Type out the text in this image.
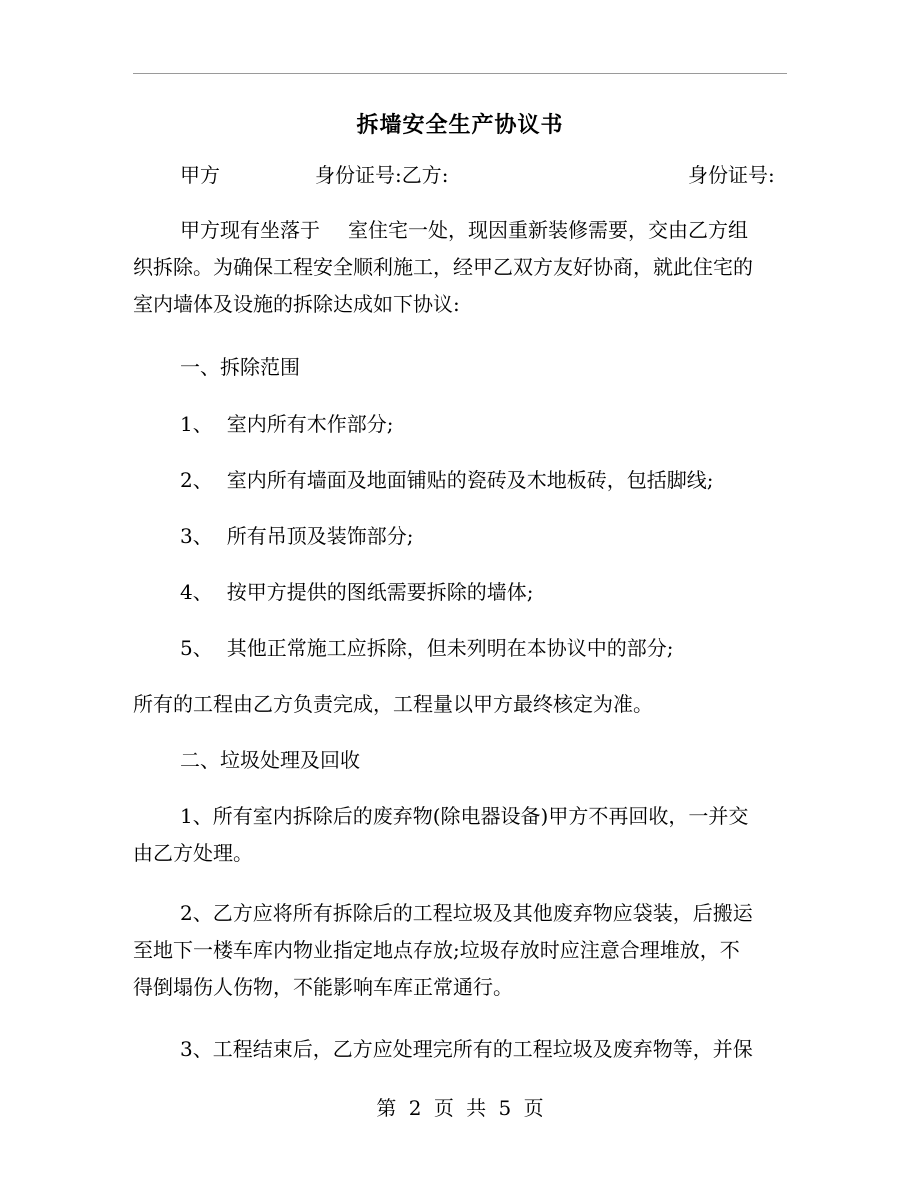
拆墙安全生产协议书
甲方	身份证号:乙方:	身份证号:
甲方现有坐落于 室住宅一处，现因重新装修需要，交由乙方组
织拆除。为确保工程安全顺利施工，经甲乙双方友好协商，就此住宅的
室内墙体及设施的拆除达成如下协议:
一、拆除范围
1、 室内所有木作部分;
2、 室内所有墙面及地面铺贴的瓷砖及木地板砖，包括脚线;
3、 所有吊顶及装饰部分;
4、 按甲方提供的图纸需要拆除的墙体;
5、 其他正常施工应拆除，但未列明在本协议中的部分;
所有的工程由乙方负责完成，工程量以甲方最终核定为准。
二、垃圾处理及回收
1、所有室内拆除后的废弃物(除电器设备)甲方不再回收，一并交
由乙方处理。
2、乙方应将所有拆除后的工程垃圾及其他废弃物应袋装，后搬运
至地下一楼车库内物业指定地点存放;垃圾存放时应注意合理堆放，不
得倒塌伤人伤物，不能影响车库正常通行。
3、工程结束后，乙方应处理完所有的工程垃圾及废弃物等，并保
第 2 页 共 5 页
